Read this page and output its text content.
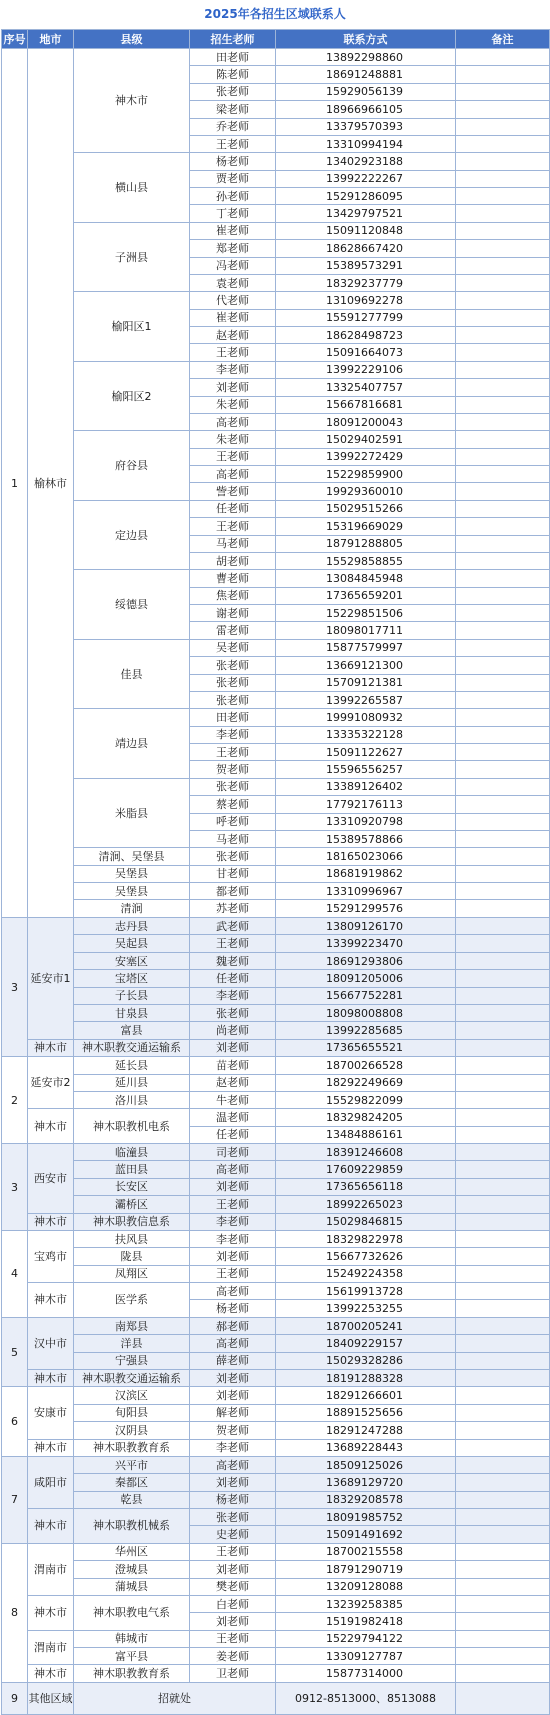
2025年各招生区域联系人
序号	地市	县级	招生老师	联系方式	备注
1	榆林市	神木市	田老师	13892298860	
			陈老师	18691248881	
			张老师	15929056139	
			梁老师	18966966105	
			乔老师	13379570393	
			王老师	13310994194	
		横山县	杨老师	13402923188	
			贾老师	13992222267	
			孙老师	15291286095	
			丁老师	13429797521	
		子洲县	崔老师	15091120848	
			郑老师	18628667420	
			冯老师	15389573291	
			袁老师	18329237779	
		榆阳区1	代老师	13109692278	
			崔老师	15591277799	
			赵老师	18628498723	
			王老师	15091664073	
		榆阳区2	李老师	13992229106	
			刘老师	13325407757	
			朱老师	15667816681	
			高老师	18091200043	
		府谷县	朱老师	15029402591	
			王老师	13992272429	
			高老师	15229859900	
			訾老师	19929360010	
		定边县	任老师	15029515266	
			王老师	15319669029	
			马老师	18791288805	
			胡老师	15529858855	
		绥德县	曹老师	13084845948	
			焦老师	17365659201	
			谢老师	15229851506	
			雷老师	18098017711	
		佳县	吴老师	15877579997	
			张老师	13669121300	
			张老师	15709121381	
			张老师	13992265587	
		靖边县	田老师	19991080932	
			李老师	13335322128	
			王老师	15091122627	
			贺老师	15596556257	
		米脂县	张老师	13389126402	
			蔡老师	17792176113	
			呼老师	13310920798	
			马老师	15389578866	
		清涧、吴堡县	张老师	18165023066	
		吴堡县	甘老师	18681919862	
		吴堡县	都老师	13310996967	
		清涧	苏老师	15291299576	
3	延安市1	志丹县	武老师	13809126170	
		吴起县	王老师	13399223470	
		安塞区	魏老师	18691293806	
		宝塔区	任老师	18091205006	
		子长县	李老师	15667752281	
		甘泉县	张老师	18098008808	
		富县	尚老师	13992285685	
	神木市	神木职教交通运输系	刘老师	17365655521	
2	延安市2	延长县	苗老师	18700266528	
		延川县	赵老师	18292249669	
		洛川县	牛老师	15529822099	
	神木市	神木职教机电系	温老师	18329824205	
			任老师	13484886161	
3	西安市	临潼县	司老师	18391246608	
		蓝田县	高老师	17609229859	
		长安区	刘老师	17365656118	
		灞桥区	王老师	18992265023	
	神木市	神木职教信息系	李老师	15029846815	
4	宝鸡市	扶风县	李老师	18329822978	
		陇县	刘老师	15667732626	
		凤翔区	王老师	15249224358	
	神木市	医学系	高老师	15619913728	
			杨老师	13992253255	
5	汉中市	南郑县	郝老师	18700205241	
		洋县	高老师	18409229157	
		宁强县	薛老师	15029328286	
	神木市	神木职教交通运输系	刘老师	18191288328	
6	安康市	汉滨区	刘老师	18291266601	
		旬阳县	解老师	18891525656	
		汉阴县	贺老师	18291247288	
	神木市	神木职教教育系	李老师	13689228443	
7	咸阳市	兴平市	高老师	18509125026	
		秦都区	刘老师	13689129720	
		乾县	杨老师	18329208578	
	神木市	神木职教机械系	张老师	18091985752	
			史老师	15091491692	
8	渭南市	华州区	王老师	18700215558	
		澄城县	刘老师	18791290719	
		蒲城县	樊老师	13209128088	
	神木市	神木职教电气系	白老师	13239258385	
			刘老师	15191982418	
	渭南市	韩城市	王老师	15229794122	
		富平县	姜老师	13309127787	
	神木市	神木职教教育系	卫老师	15877314000	
9	其他区域	招就处		0912-8513000、8513088	
